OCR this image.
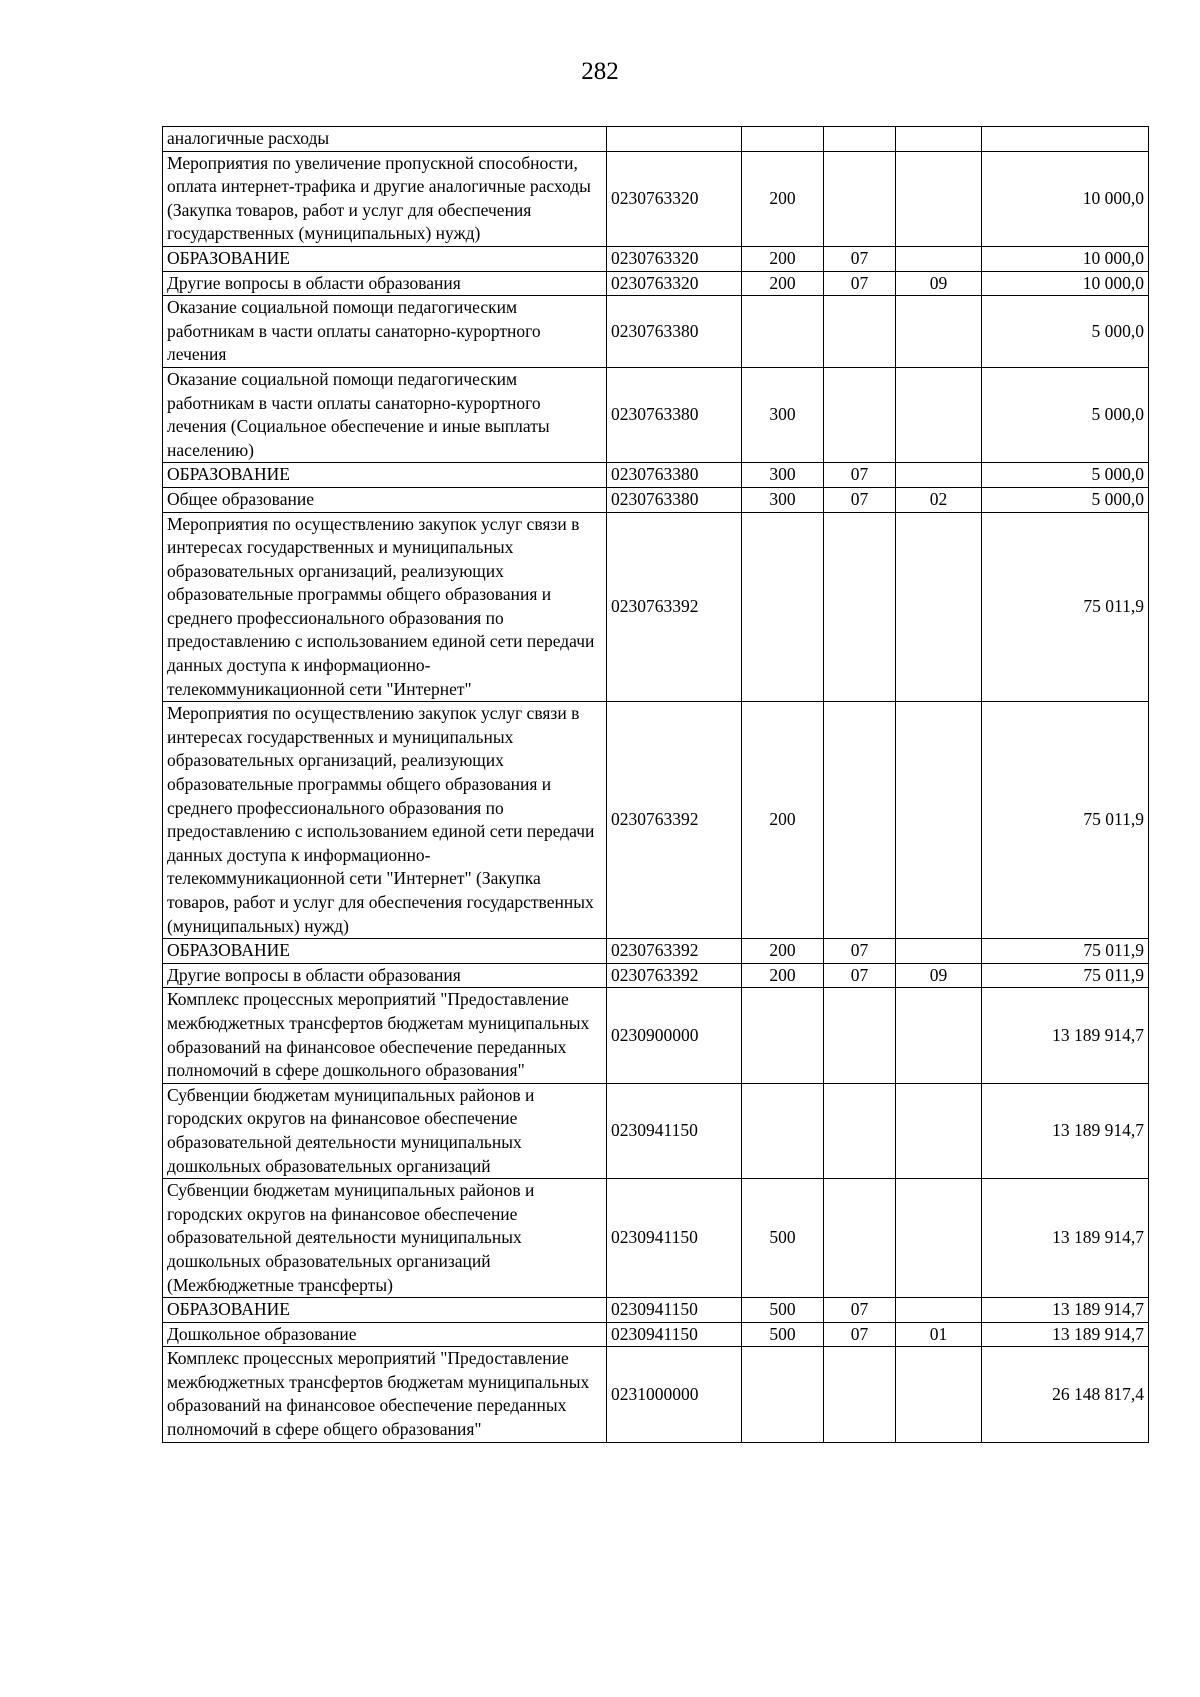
282
аналогичные расходы					
Мероприятия по увеличение пропускной способности, оплата интернет-трафика и другие аналогичные расходы (Закупка товаров, работ и услуг для обеспечения государственных (муниципальных) нужд)	0230763320	200			10 000,0
ОБРАЗОВАНИЕ	0230763320	200	07		10 000,0
Другие вопросы в области образования	0230763320	200	07	09	10 000,0
Оказание социальной помощи педагогическим работникам в части оплаты санаторно-курортного лечения	0230763380				5 000,0
Оказание социальной помощи педагогическим работникам в части оплаты санаторно-курортного лечения (Социальное обеспечение и иные выплаты населению)	0230763380	300			5 000,0
ОБРАЗОВАНИЕ	0230763380	300	07		5 000,0
Общее образование	0230763380	300	07	02	5 000,0
Мероприятия по осуществлению закупок услуг связи в интересах государственных и муниципальных образовательных организаций, реализующих образовательные программы общего образования и среднего профессионального образования по предоставлению с использованием единой сети передачи данных доступа к информационно-телекоммуникационной сети "Интернет"	0230763392				75 011,9
Мероприятия по осуществлению закупок услуг связи в интересах государственных и муниципальных образовательных организаций, реализующих образовательные программы общего образования и среднего профессионального образования по предоставлению с использованием единой сети передачи данных доступа к информационно-телекоммуникационной сети "Интернет" (Закупка товаров, работ и услуг для обеспечения государственных (муниципальных) нужд)	0230763392	200			75 011,9
ОБРАЗОВАНИЕ	0230763392	200	07		75 011,9
Другие вопросы в области образования	0230763392	200	07	09	75 011,9
Комплекс процессных мероприятий "Предоставление межбюджетных трансфертов бюджетам муниципальных образований на финансовое обеспечение переданных полномочий в сфере дошкольного образования"	0230900000				13 189 914,7
Субвенции бюджетам муниципальных районов и городских округов на финансовое обеспечение образовательной деятельности муниципальных дошкольных образовательных организаций	0230941150				13 189 914,7
Субвенции бюджетам муниципальных районов и городских округов на финансовое обеспечение образовательной деятельности муниципальных дошкольных образовательных организаций (Межбюджетные трансферты)	0230941150	500			13 189 914,7
ОБРАЗОВАНИЕ	0230941150	500	07		13 189 914,7
Дошкольное образование	0230941150	500	07	01	13 189 914,7
Комплекс процессных мероприятий "Предоставление межбюджетных трансфертов бюджетам муниципальных образований на финансовое обеспечение переданных полномочий в сфере общего образования"	0231000000				26 148 817,4
